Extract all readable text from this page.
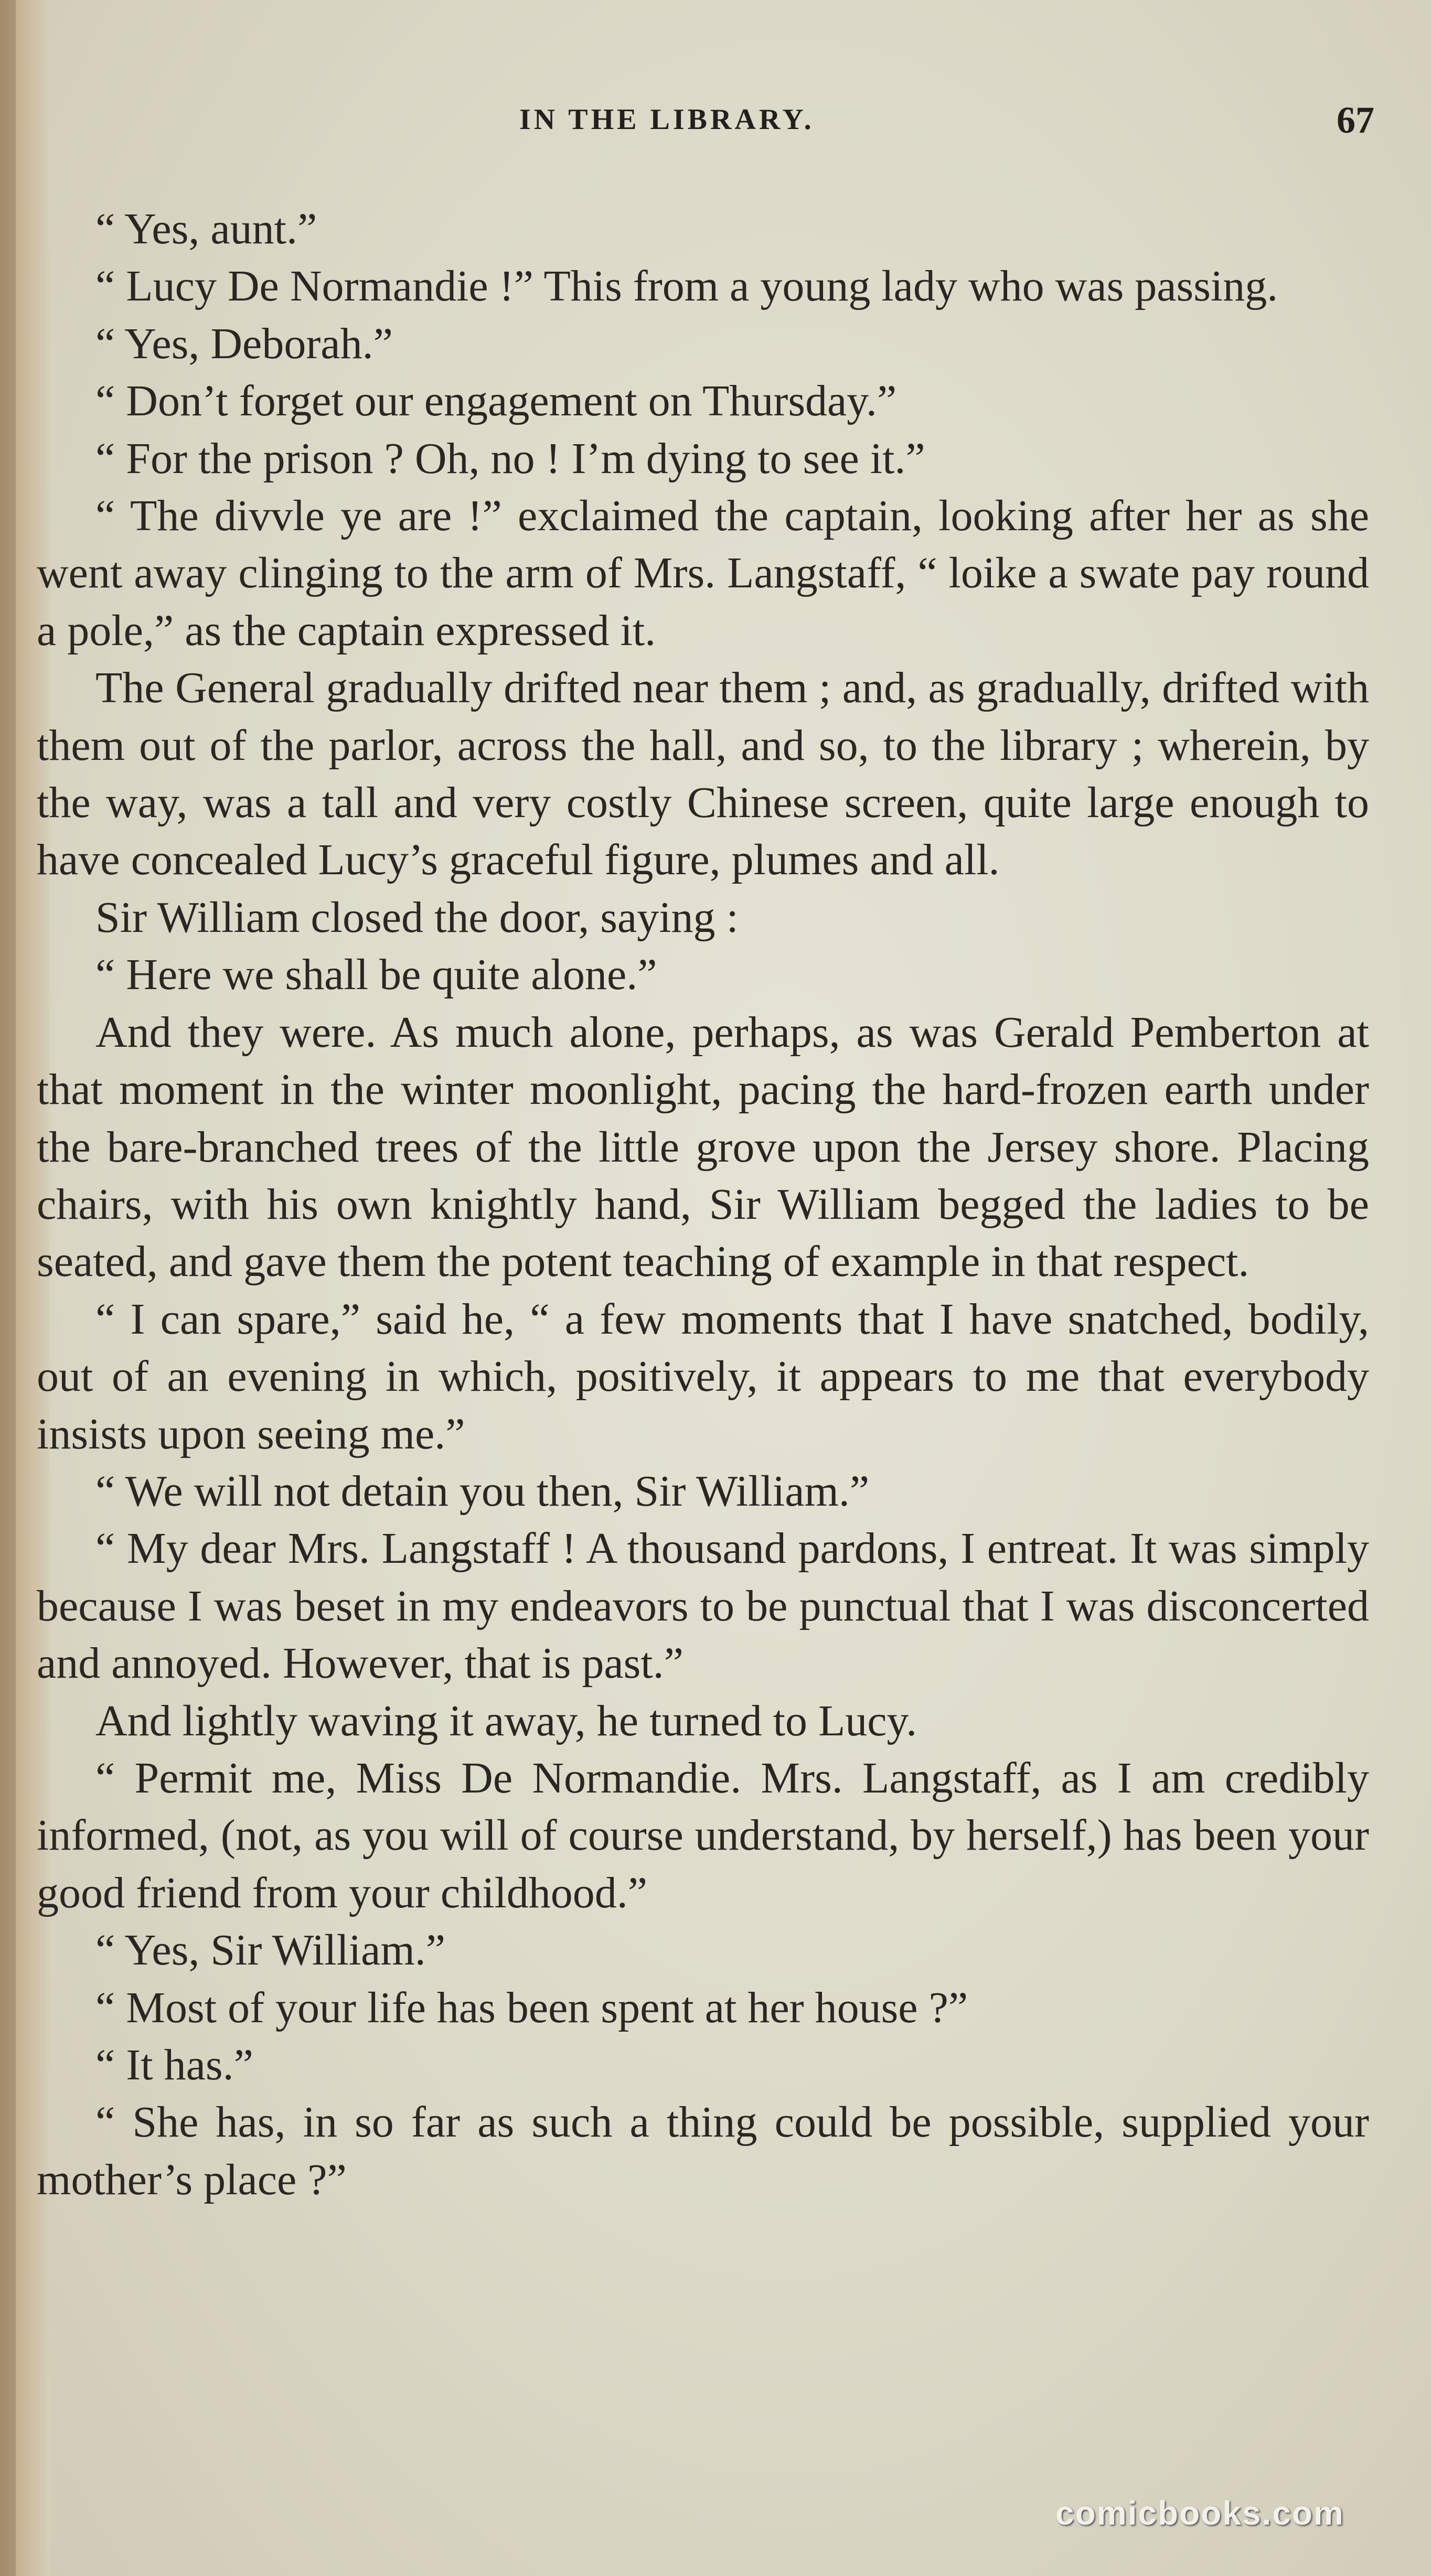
IN THE LIBRARY.	67

“ Yes, aunt.”

“ Lucy De Normandie !” This from a young lady who was passing.

“ Yes, Deborah.”

“ Don’t forget our engagement on Thursday.”

“ For the prison ? Oh, no ! I’m dying to see it.”

“ The divvle ye are !” exclaimed the captain, looking after her as she went away clinging to the arm of Mrs. Langstaff, “ loike a swate pay round a pole,” as the captain expressed it.

The General gradually drifted near them ; and, as gradually, drifted with them out of the parlor, across the hall, and so, to the library ; wherein, by the way, was a tall and very costly Chinese screen, quite large enough to have concealed Lucy’s graceful figure, plumes and all.

Sir William closed the door, saying :

“ Here we shall be quite alone.”

And they were. As much alone, perhaps, as was Gerald Pemberton at that moment in the winter moonlight, pacing the hard-frozen earth under the bare-branched trees of the little grove upon the Jersey shore. Placing chairs, with his own knightly hand, Sir William begged the ladies to be seated, and gave them the potent teaching of example in that respect.

“ I can spare,” said he, “ a few moments that I have snatched, bodily, out of an evening in which, positively, it appears to me that everybody insists upon seeing me.”

“ We will not detain you then, Sir William.”

“ My dear Mrs. Langstaff ! A thousand pardons, I entreat. It was simply because I was beset in my endeavors to be punctual that I was disconcerted and annoyed. However, that is past.”

And lightly waving it away, he turned to Lucy.

“ Permit me, Miss De Normandie. Mrs. Langstaff, as I am credibly informed, (not, as you will of course understand, by herself,) has been your good friend from your childhood.”

“ Yes, Sir William.”

“ Most of your life has been spent at her house ?”

“ It has.”

“ She has, in so far as such a thing could be possible, supplied your mother’s place ?”

comicbooks.com
